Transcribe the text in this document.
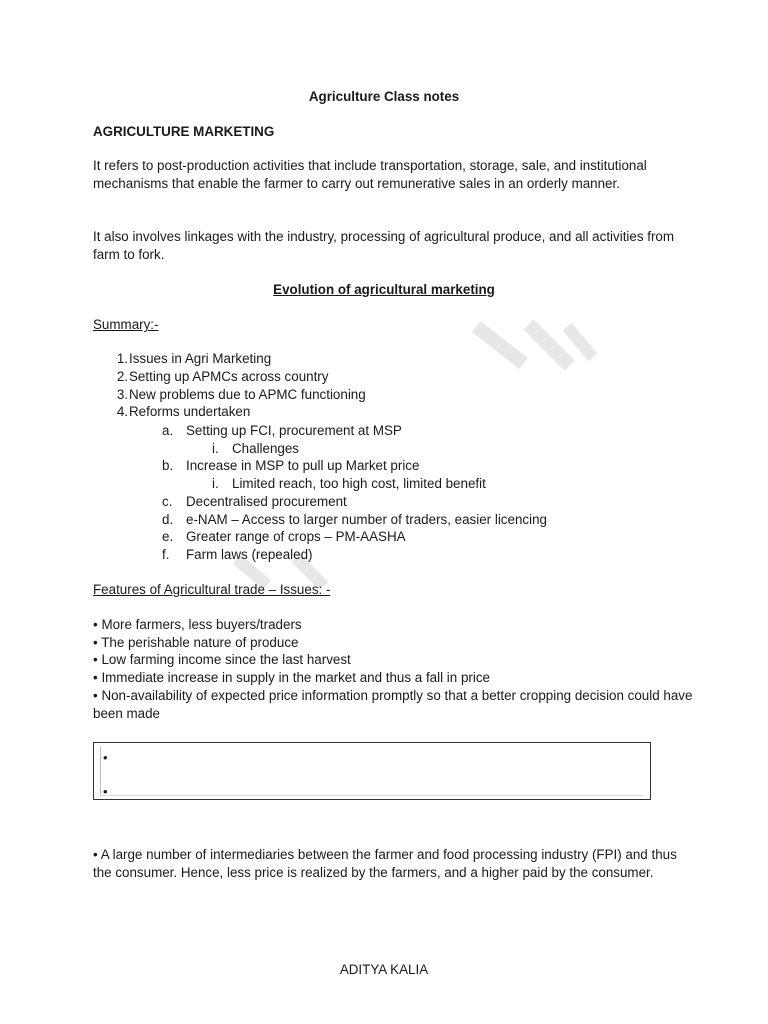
Agriculture Class notes
AGRICULTURE MARKETING
It refers to post-production activities that include transportation, storage, sale, and institutional mechanisms that enable the farmer to carry out remunerative sales in an orderly manner.
It also involves linkages with the industry, processing of agricultural produce, and all activities from farm to fork.
Evolution of agricultural marketing
Summary:-
1. Issues in Agri Marketing
2. Setting up APMCs across country
3. New problems due to APMC functioning
4. Reforms undertaken
a. Setting up FCI, procurement at MSP
i. Challenges
b. Increase in MSP to pull up Market price
i. Limited reach, too high cost, limited benefit
c. Decentralised procurement
d. e-NAM – Access to larger number of traders, easier licencing
e. Greater range of crops – PM-AASHA
f. Farm laws (repealed)
Features of Agricultural trade – Issues: -
• More farmers, less buyers/traders
• The perishable nature of produce
• Low farming income since the last harvest
• Immediate increase in supply in the market and thus a fall in price
• Non-availability of expected price information promptly so that a better cropping decision could have been made
•
•
• A large number of intermediaries between the farmer and food processing industry (FPI) and thus the consumer. Hence, less price is realized by the farmers, and a higher paid by the consumer.
ADITYA KALIA
